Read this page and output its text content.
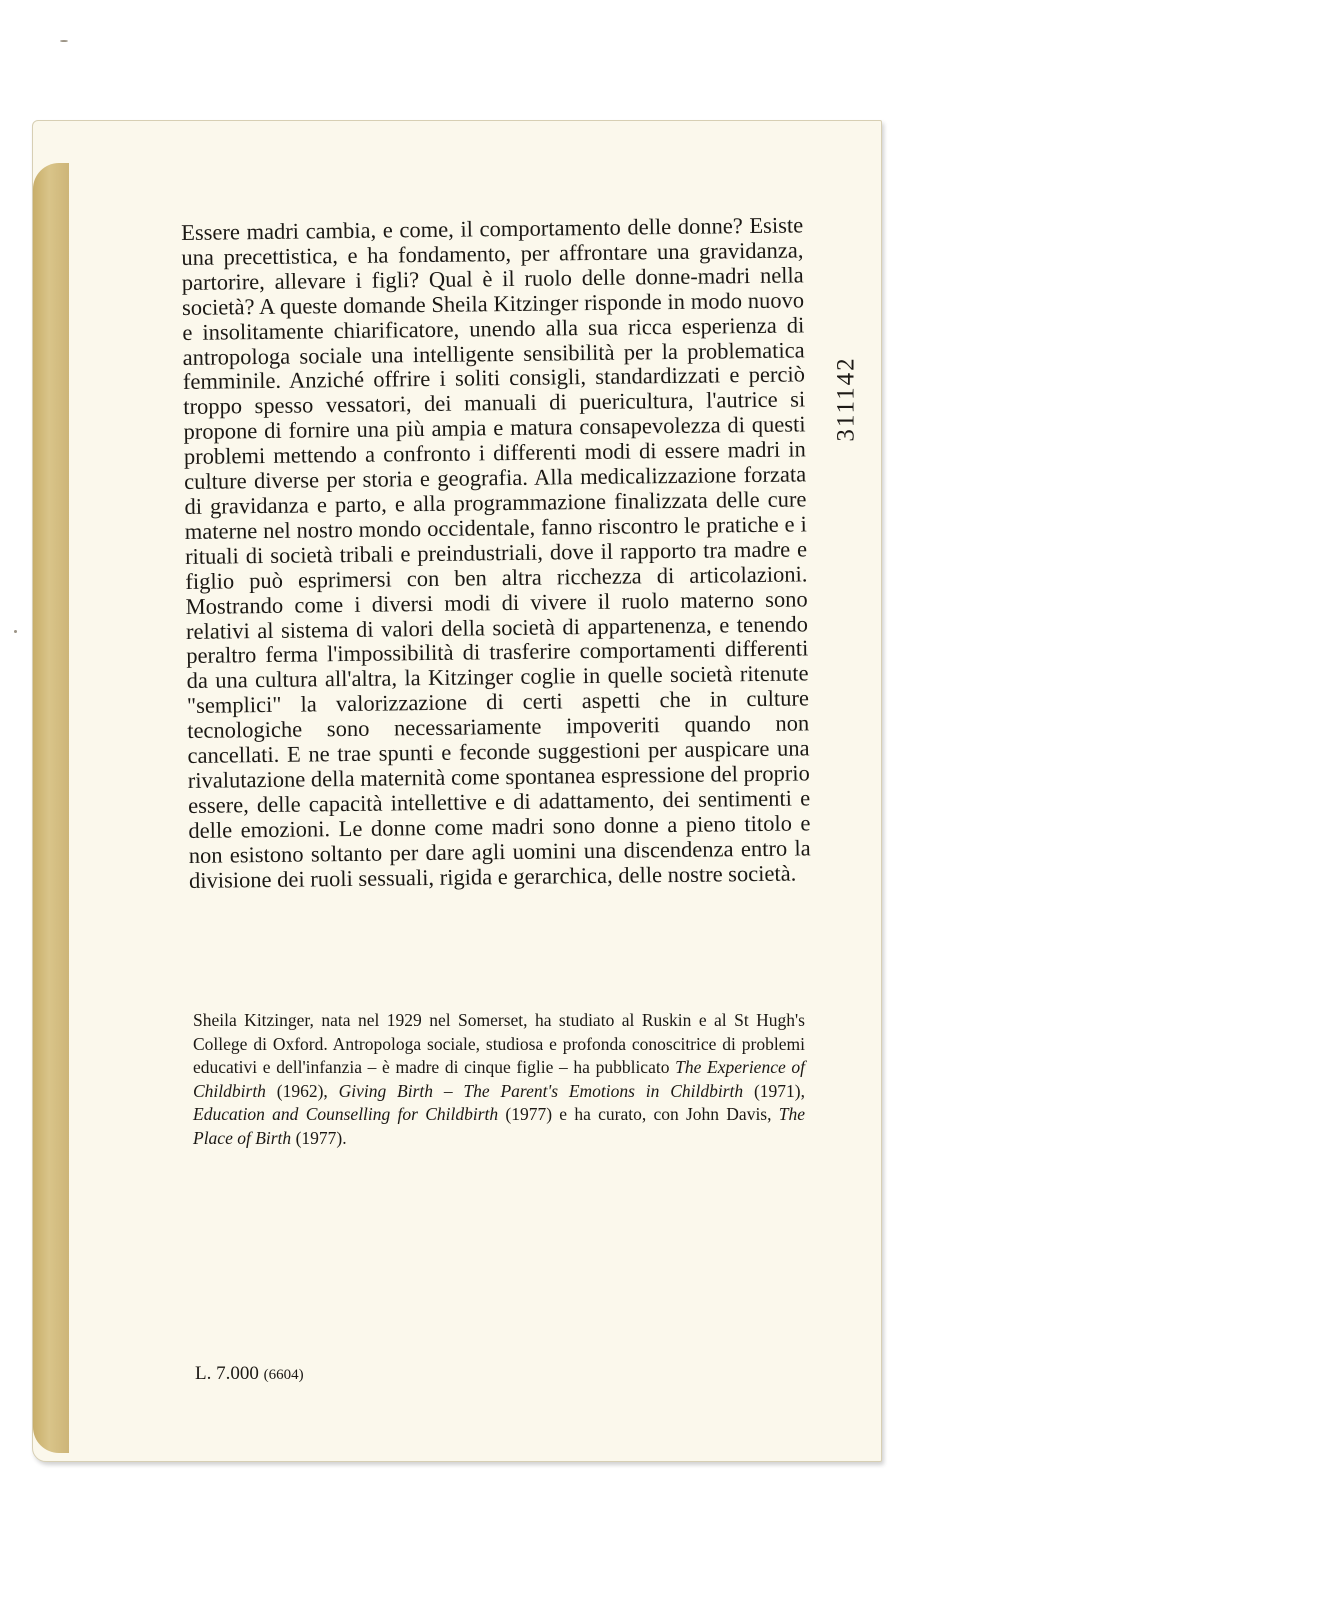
311142

Essere madri cambia, e come, il comportamento delle donne? Esiste una precettistica, e ha fondamento, per affrontare una gravidanza, partorire, allevare i figli? Qual è il ruolo delle donne-madri nella società? A queste domande Sheila Kitzinger risponde in modo nuovo e insolitamente chiarificatore, unendo alla sua ricca esperienza di antropologa sociale una intelligente sensibilità per la problematica femminile. Anziché offrire i soliti consigli, standardizzati e perciò troppo spesso vessatori, dei manuali di puericultura, l'autrice si propone di fornire una più ampia e matura consapevolezza di questi problemi mettendo a confronto i differenti modi di essere madri in culture diverse per storia e geografia. Alla medicalizzazione forzata di gravidanza e parto, e alla programmazione finalizzata delle cure materne nel nostro mondo occidentale, fanno riscontro le pratiche e i rituali di società tribali e preindustriali, dove il rapporto tra madre e figlio può esprimersi con ben altra ricchezza di articolazioni. Mostrando come i diversi modi di vivere il ruolo materno sono relativi al sistema di valori della società di appartenenza, e tenendo peraltro ferma l'impossibilità di trasferire comportamenti differenti da una cultura all'altra, la Kitzinger coglie in quelle società ritenute "semplici" la valorizzazione di certi aspetti che in culture tecnologiche sono necessariamente impoveriti quando non cancellati. E ne trae spunti e feconde suggestioni per auspicare una rivalutazione della maternità come spontanea espressione del proprio essere, delle capacità intellettive e di adattamento, dei sentimenti e delle emozioni. Le donne come madri sono donne a pieno titolo e non esistono soltanto per dare agli uomini una discendenza entro la divisione dei ruoli sessuali, rigida e gerarchica, delle nostre società.

Sheila Kitzinger, nata nel 1929 nel Somerset, ha studiato al Ruskin e al St Hugh's College di Oxford. Antropologa sociale, studiosa e profonda conoscitrice di problemi educativi e dell'infanzia – è madre di cinque figlie – ha pubblicato The Experience of Childbirth (1962), Giving Birth – The Parent's Emotions in Childbirth (1971), Education and Counselling for Childbirth (1977) e ha curato, con John Davis, The Place of Birth (1977).

L. 7.000 (6604)
